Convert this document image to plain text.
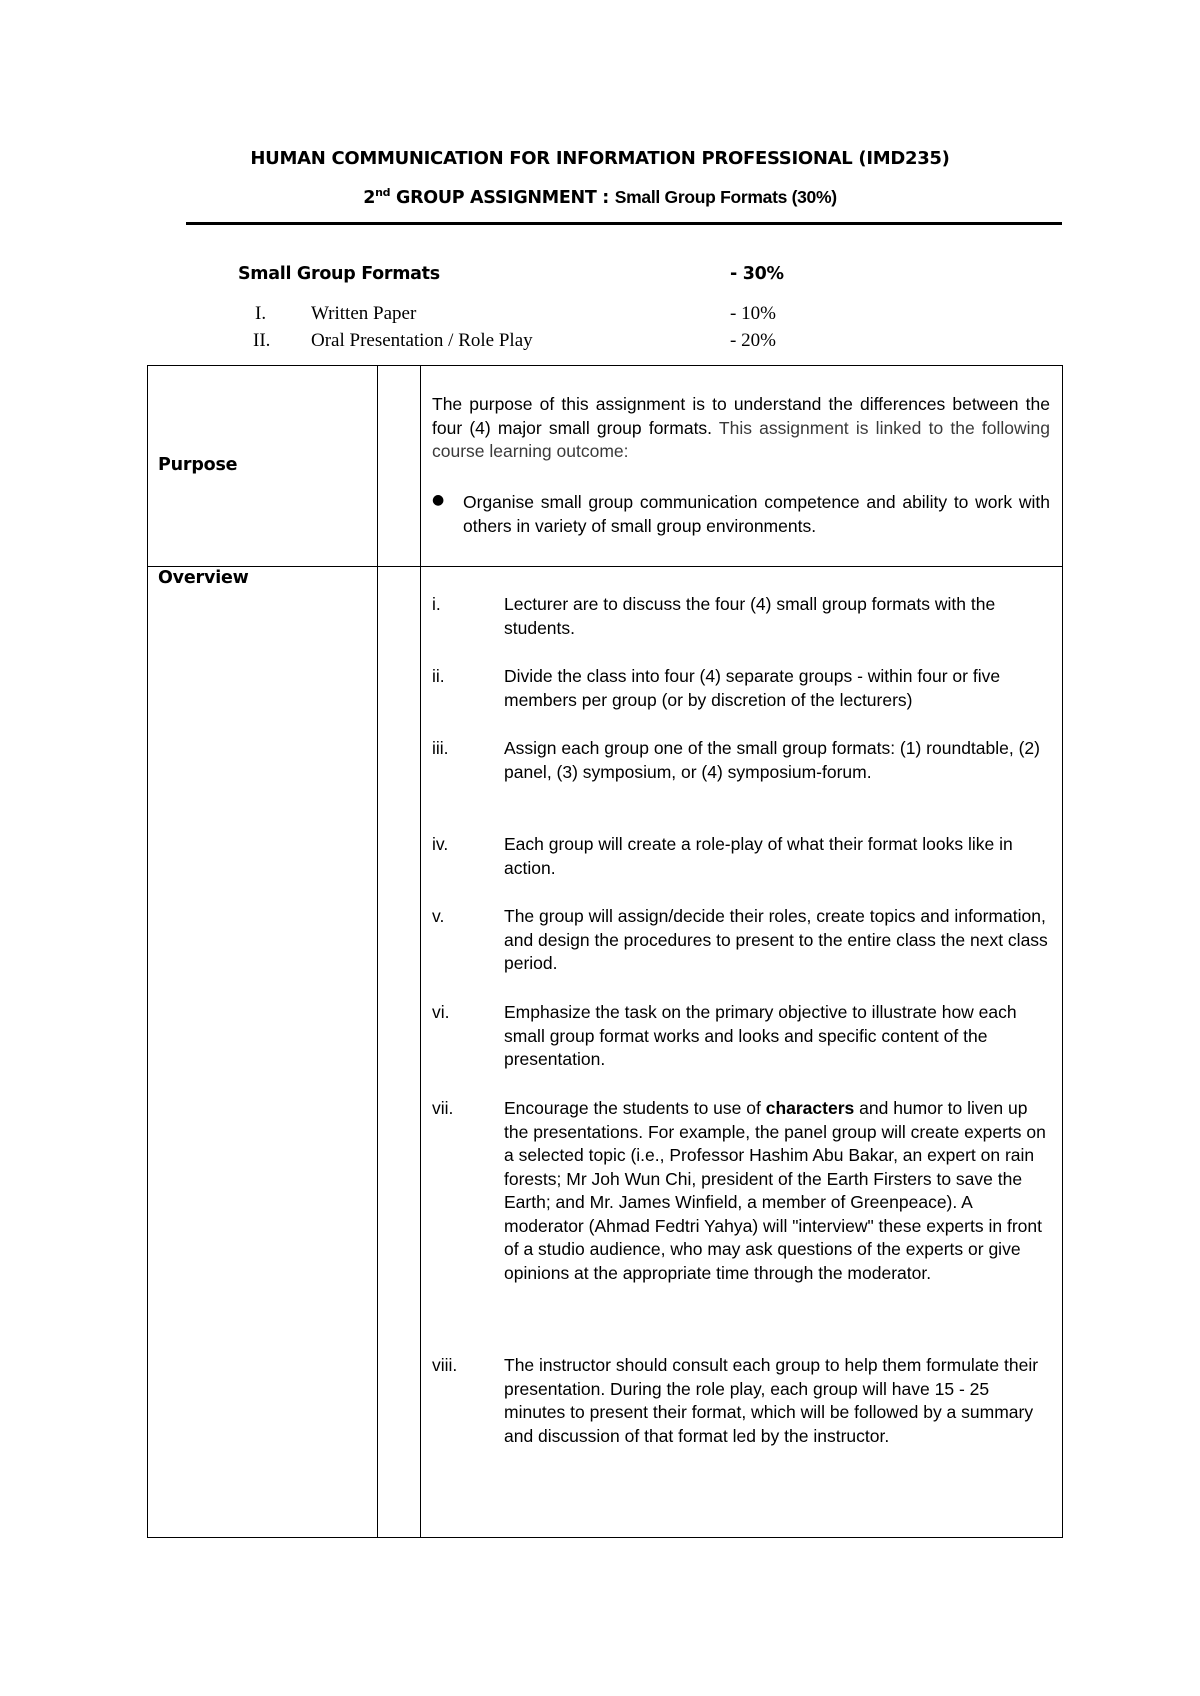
HUMAN COMMUNICATION FOR INFORMATION PROFESSIONAL (IMD235)
2nd GROUP ASSIGNMENT : Small Group Formats (30%)
Small Group Formats	- 30%
I. Written Paper	- 10%
II. Oral Presentation / Role Play	- 20%
Purpose

The purpose of this assignment is to understand the differences between the four (4) major small group formats. This assignment is linked to the following course learning outcome:

● Organise small group communication competence and ability to work with others in variety of small group environments.

Overview
i.	Lecturer are to discuss the four (4) small group formats with the students.
ii.	Divide the class into four (4) separate groups - within four or five members per group (or by discretion of the lecturers)
iii.	Assign each group one of the small group formats: (1) roundtable, (2) panel, (3) symposium, or (4) symposium-forum.
iv.	Each group will create a role-play of what their format looks like in action.
v.	The group will assign/decide their roles, create topics and information, and design the procedures to present to the entire class the next class period.
vi.	Emphasize the task on the primary objective to illustrate how each small group format works and looks and specific content of the presentation.
vii.	Encourage the students to use of characters and humor to liven up the presentations. For example, the panel group will create experts on a selected topic (i.e., Professor Hashim Abu Bakar, an expert on rain forests; Mr Joh Wun Chi, president of the Earth Firsters to save the Earth; and Mr. James Winfield, a member of Greenpeace). A moderator (Ahmad Fedtri Yahya) will "interview" these experts in front of a studio audience, who may ask questions of the experts or give opinions at the appropriate time through the moderator.
viii.	The instructor should consult each group to help them formulate their presentation. During the role play, each group will have 15 - 25 minutes to present their format, which will be followed by a summary and discussion of that format led by the instructor.
